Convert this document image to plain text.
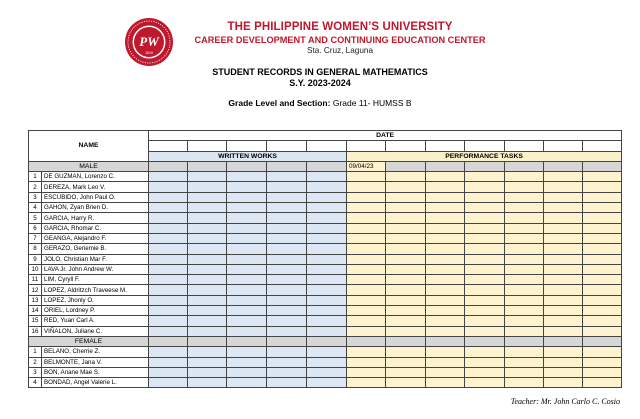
PW
1919
THE PHILIPPINE WOMEN’S UNIVERSITY
CAREER DEVELOPMENT AND CONTINUING EDUCATION CENTER
Sta. Cruz, Laguna
STUDENT RECORDS IN GENERAL MATHEMATICS
S.Y. 2023-2024
Grade Level and Section: Grade 11- HUMSS B
NAME		DATE											

		WRITTEN WORKS					PERFORMANCE TASKS						
MALE							09/04/23						
1	DE GUZMAN, Lorenzo C.												
2	DEREZA, Mark Leo V.												
3	ESCUBIDO, John Paul O.												
4	GAHON, Zyan Brien D.												
5	GARCIA, Harry R.												
6	GARCIA, Rhomar C.												
7	GEANGA, Alejandro F.												
8	GERAZO, Geriemie B.												
9	JOLO, Christian Mar F.												
10	LAVA Jr. John Andrew W.												
11	LIM, Cyryll F.												
12	LOPEZ, Aldritzch Traveese M.												
13	LOPEZ, Jhonly O.												
14	ORIEL, Lordney P.												
15	RED, Yuan Carl A.												
16	VIÑALON, Juliane C.												
FEMALE													
1	BELANO, Cherrie Z.												
2	BELMONTE, Jana V.												
3	BON, Ariane Mae S.												
4	BONDAD, Angel Valerie L.												
Teacher: Mr. John Carlo C. Cosio
